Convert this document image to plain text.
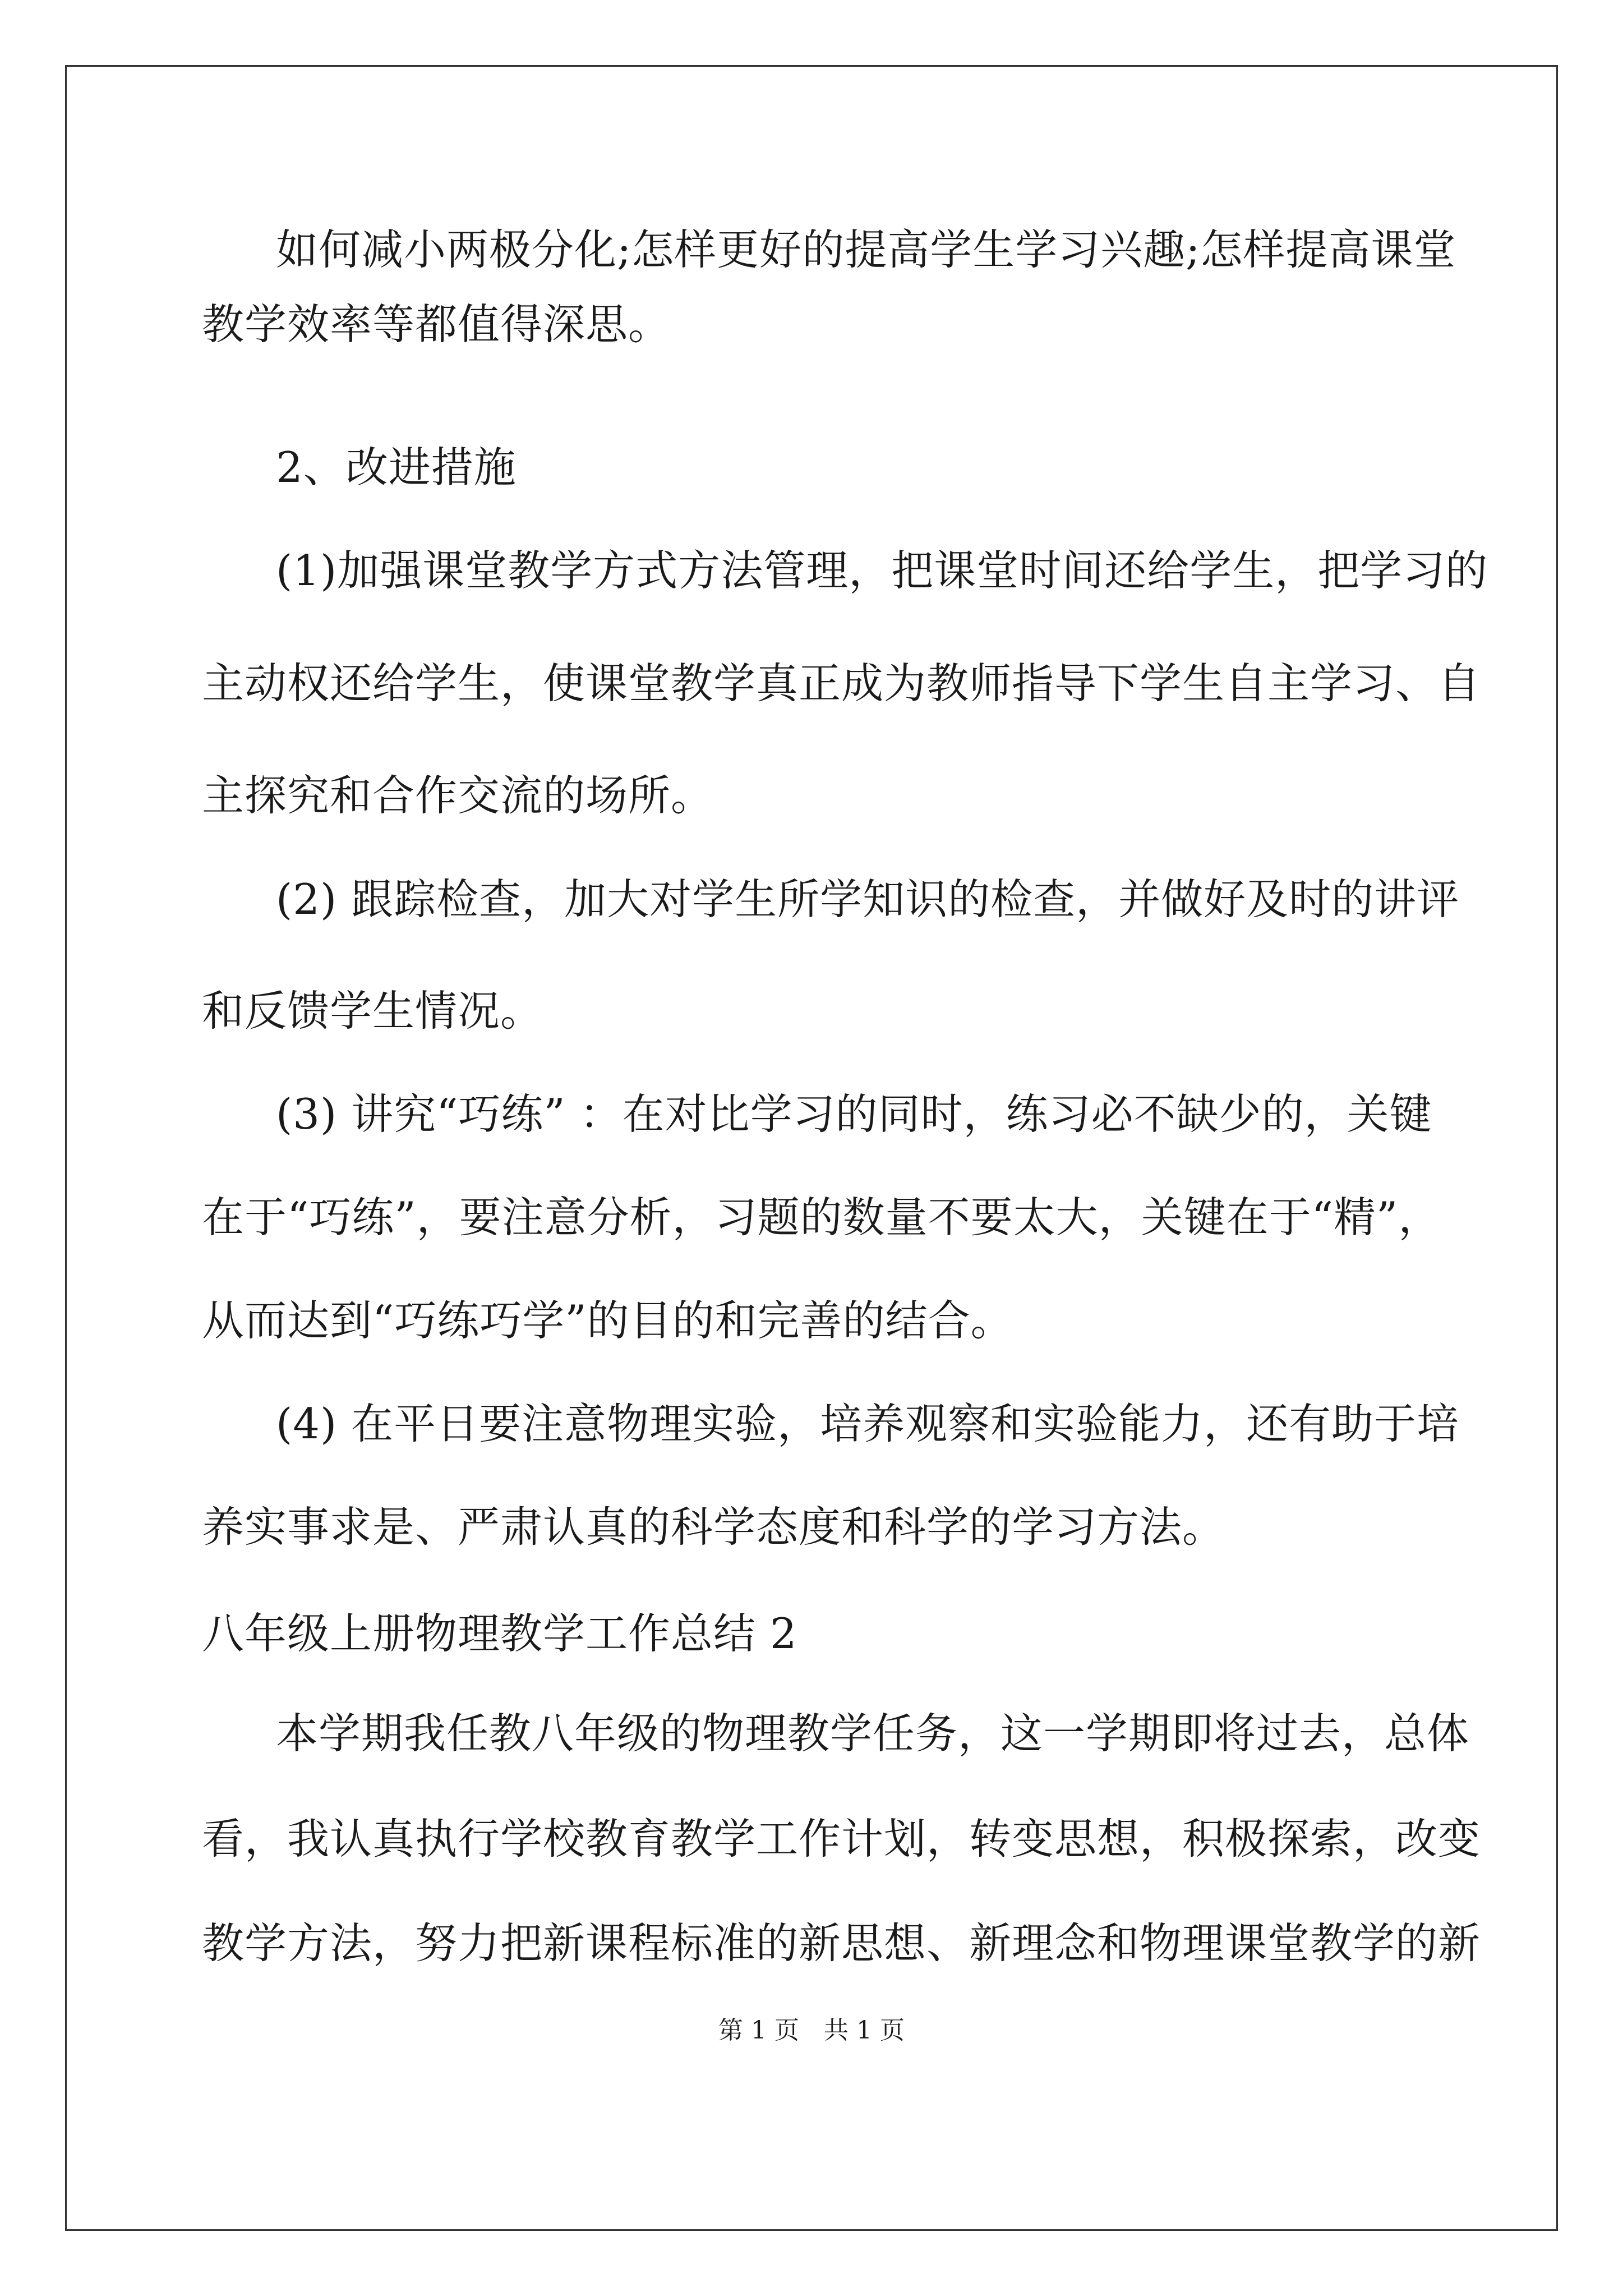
如何减小两极分化;怎样更好的提高学生学习兴趣;怎样提高课堂
教学效率等都值得深思。
2、改进措施
(1)加强课堂教学方式方法管理，把课堂时间还给学生，把学习的
主动权还给学生，使课堂教学真正成为教师指导下学生自主学习、自
主探究和合作交流的场所。
(2) 跟踪检查，加大对学生所学知识的检查，并做好及时的讲评
和反馈学生情况。
(3) 讲究“巧练” ：在对比学习的同时，练习必不缺少的，关键
在于“巧练”，要注意分析，习题的数量不要太大，关键在于“精”，
从而达到“巧练巧学”的目的和完善的结合。
(4) 在平日要注意物理实验，培养观察和实验能力，还有助于培
养实事求是、严肃认真的科学态度和科学的学习方法。
八年级上册物理教学工作总结 2
本学期我任教八年级的物理教学任务，这一学期即将过去，总体
看，我认真执行学校教育教学工作计划，转变思想，积极探索，改变
教学方法，努力把新课程标准的新思想、新理念和物理课堂教学的新
第 1 页　共 1 页
